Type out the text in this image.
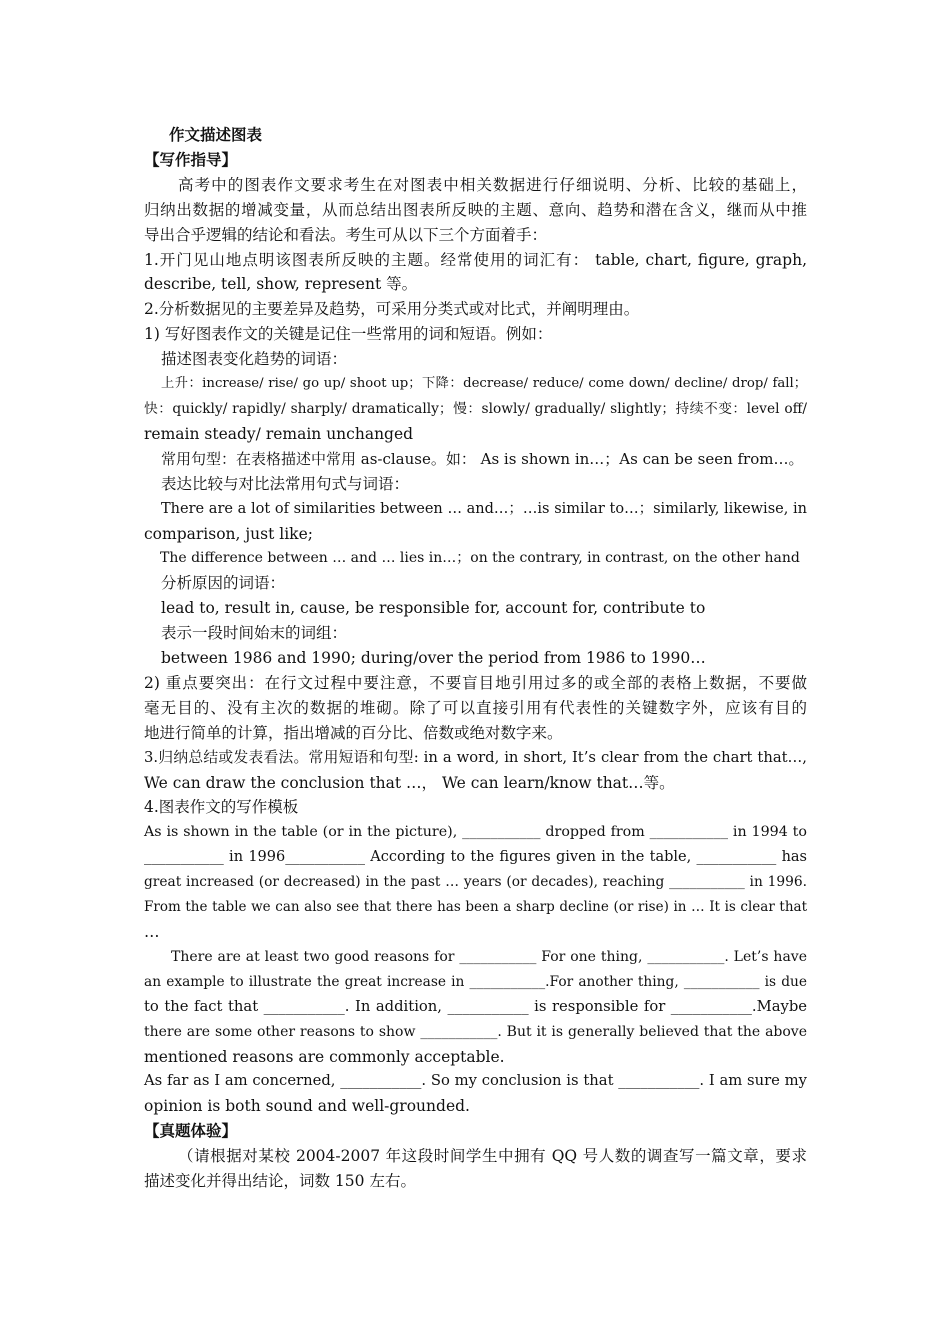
作文描述图表
【写作指导】
高考中的图表作文要求考生在对图表中相关数据进行仔细说明、分析、比较的基础上，
归纳出数据的增减变量，从而总结出图表所反映的主题、意向、趋势和潜在含义，继而从中推
导出合乎逻辑的结论和看法。考生可从以下三个方面着手：
1.开门见山地点明该图表所反映的主题。经常使用的词汇有： table, chart, figure, graph,
describe, tell, show, represent 等。
2.分析数据见的主要差异及趋势，可采用分类式或对比式，并阐明理由。
1) 写好图表作文的关键是记住一些常用的词和短语。例如：
描述图表变化趋势的词语：
上升：increase/ rise/ go up/ shoot up；下降：decrease/ reduce/ come down/ decline/ drop/ fall；
快：quickly/ rapidly/ sharply/ dramatically；慢：slowly/ gradually/ slightly；持续不变：level off/
remain steady/ remain unchanged
常用句型：在表格描述中常用 as-clause。如： As is shown in…；As can be seen from…。
表达比较与对比法常用句式与词语：
There are a lot of similarities between … and…；…is similar to…；similarly, likewise, in
comparison, just like;
The difference between … and … lies in…；on the contrary, in contrast, on the other hand
分析原因的词语：
lead to, result in, cause, be responsible for, account for, contribute to
表示一段时间始末的词组：
between 1986 and 1990; during/over the period from 1986 to 1990…
2) 重点要突出：在行文过程中要注意，不要盲目地引用过多的或全部的表格上数据，不要做
毫无目的、没有主次的数据的堆砌。除了可以直接引用有代表性的关键数字外，应该有目的
地进行简单的计算，指出增减的百分比、倍数或绝对数字来。
3.归纳总结或发表看法。常用短语和句型: in a word, in short, It’s clear from the chart that…,
We can draw the conclusion that …， We can learn/know that…等。
4.图表作文的写作模板
As is shown in the table (or in the picture), ___________ dropped from ___________ in 1994 to
___________ in 1996___________ According to the figures given in the table, ___________ has
great increased (or decreased) in the past … years (or decades), reaching ___________ in 1996.
From the table we can also see that there has been a sharp decline (or rise) in … It is clear that
…
There are at least two good reasons for ___________ For one thing, ___________. Let’s have
an example to illustrate the great increase in ___________.For another thing, ___________ is due
to the fact that ___________. In addition, ___________ is responsible for ___________.Maybe
there are some other reasons to show ___________. But it is generally believed that the above
mentioned reasons are commonly acceptable.
As far as I am concerned, ___________. So my conclusion is that ___________. I am sure my
opinion is both sound and well-grounded.
【真题体验】
（请根据对某校 2004-2007 年这段时间学生中拥有 QQ 号人数的调查写一篇文章，要求
描述变化并得出结论，词数 150 左右。
